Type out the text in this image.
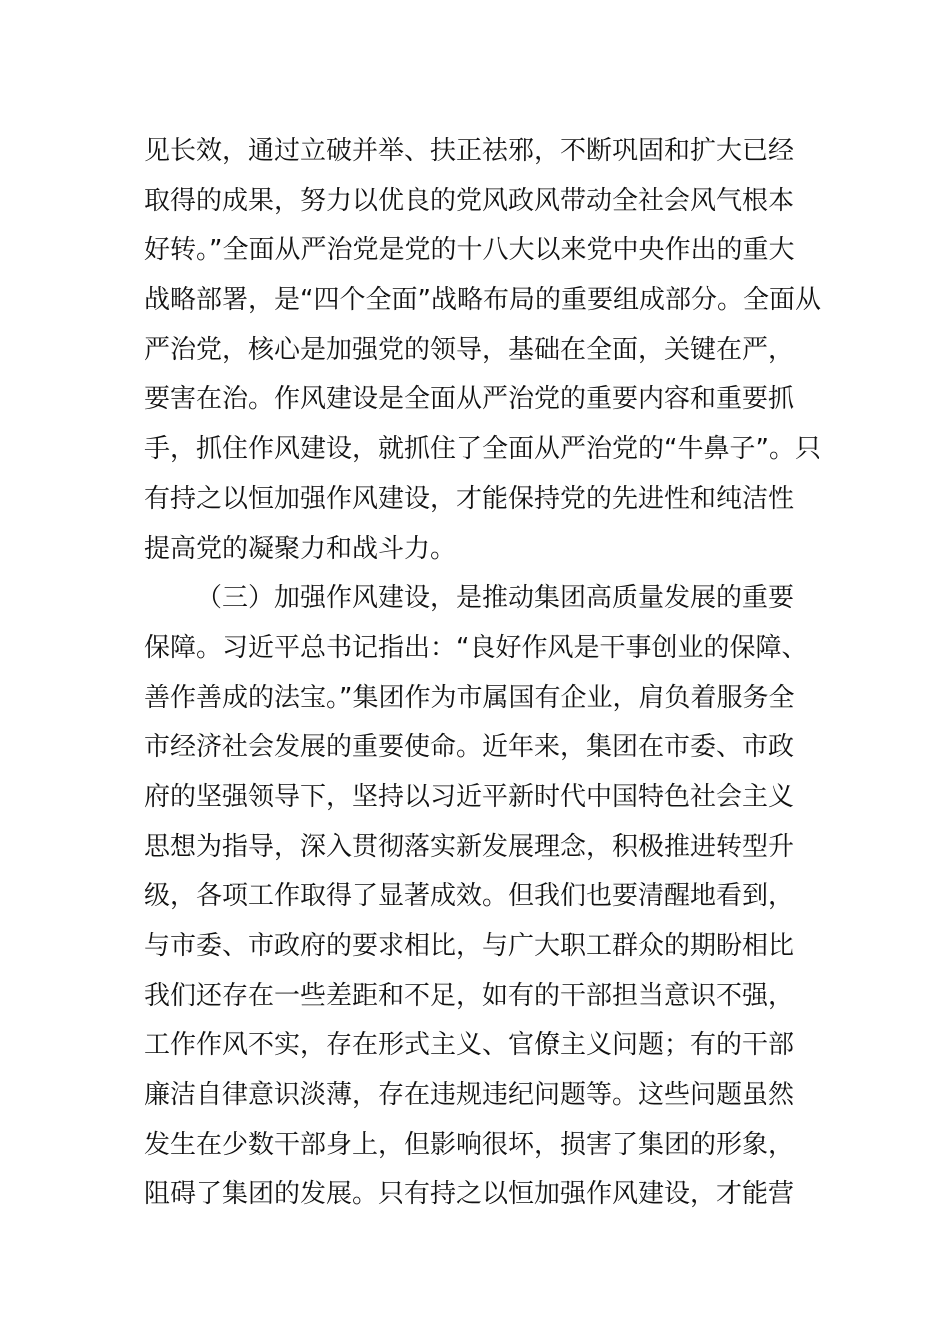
见长效，通过立破并举、扶正祛邪，不断巩固和扩大已经
取得的成果，努力以优良的党风政风带动全社会风气根本
好转。”全面从严治党是党的十八大以来党中央作出的重大
战略部署，是“四个全面”战略布局的重要组成部分。全面从
严治党，核心是加强党的领导，基础在全面，关键在严，
要害在治。作风建设是全面从严治党的重要内容和重要抓
手，抓住作风建设，就抓住了全面从严治党的“牛鼻子”。只
有持之以恒加强作风建设，才能保持党的先进性和纯洁性
提高党的凝聚力和战斗力。
（三）加强作风建设，是推动集团高质量发展的重要
保障。习近平总书记指出：“良好作风是干事创业的保障、
善作善成的法宝。”集团作为市属国有企业，肩负着服务全
市经济社会发展的重要使命。近年来，集团在市委、市政
府的坚强领导下，坚持以习近平新时代中国特色社会主义
思想为指导，深入贯彻落实新发展理念，积极推进转型升
级，各项工作取得了显著成效。但我们也要清醒地看到，
与市委、市政府的要求相比，与广大职工群众的期盼相比
我们还存在一些差距和不足，如有的干部担当意识不强，
工作作风不实，存在形式主义、官僚主义问题；有的干部
廉洁自律意识淡薄，存在违规违纪问题等。这些问题虽然
发生在少数干部身上，但影响很坏，损害了集团的形象，
阻碍了集团的发展。只有持之以恒加强作风建设，才能营
